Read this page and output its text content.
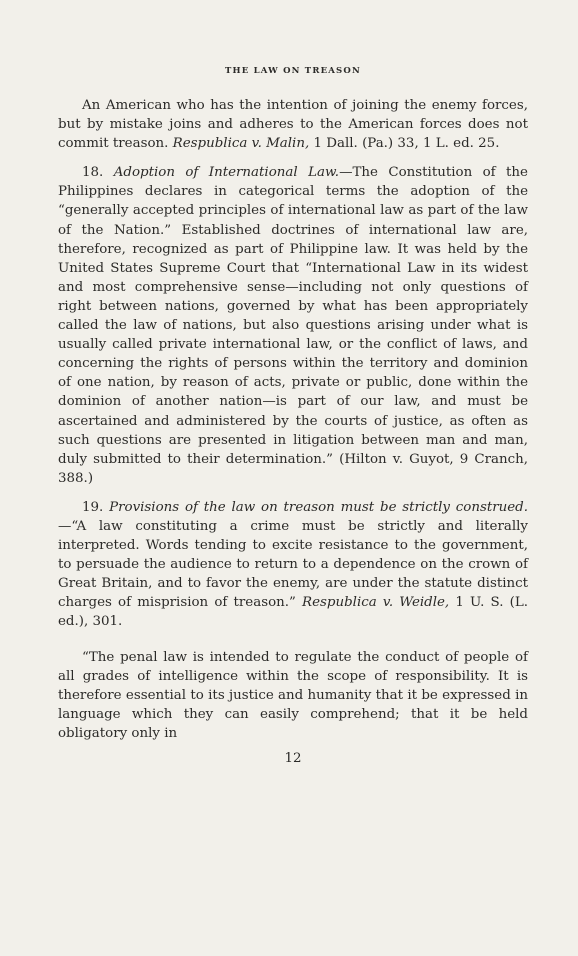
THE LAW ON TREASON

An American who has the intention of joining the enemy forces, but by mistake joins and adheres to the American forces does not commit treason. Respublica v. Malin, 1 Dall. (Pa.) 33, 1 L. ed. 25.

18. Adoption of International Law.—The Constitution of the Philippines declares in categorical terms the adoption of the “generally accepted principles of international law as part of the law of the Nation.” Established doctrines of international law are, therefore, recognized as part of Philippine law. It was held by the United States Supreme Court that “International Law in its widest and most comprehensive sense—including not only questions of right between nations, governed by what has been appropriately called the law of nations, but also questions arising under what is usually called private international law, or the conflict of laws, and concerning the rights of persons within the territory and dominion of one nation, by reason of acts, private or public, done within the dominion of another nation—is part of our law, and must be ascertained and administered by the courts of justice, as often as such questions are presented in litigation between man and man, duly submitted to their determination.” (Hilton v. Guyot, 9 Cranch, 388.)

19. Provisions of the law on treason must be strictly construed.—“A law constituting a crime must be strictly and literally interpreted. Words tending to excite resistance to the government, to persuade the audience to return to a dependence on the crown of Great Britain, and to favor the enemy, are under the statute distinct charges of misprision of treason.” Respublica v. Weidle, 1 U. S. (L. ed.), 301.

“The penal law is intended to regulate the conduct of people of all grades of intelligence within the scope of responsibility. It is therefore essential to its justice and humanity that it be expressed in language which they can easily comprehend; that it be held obligatory only in

12
